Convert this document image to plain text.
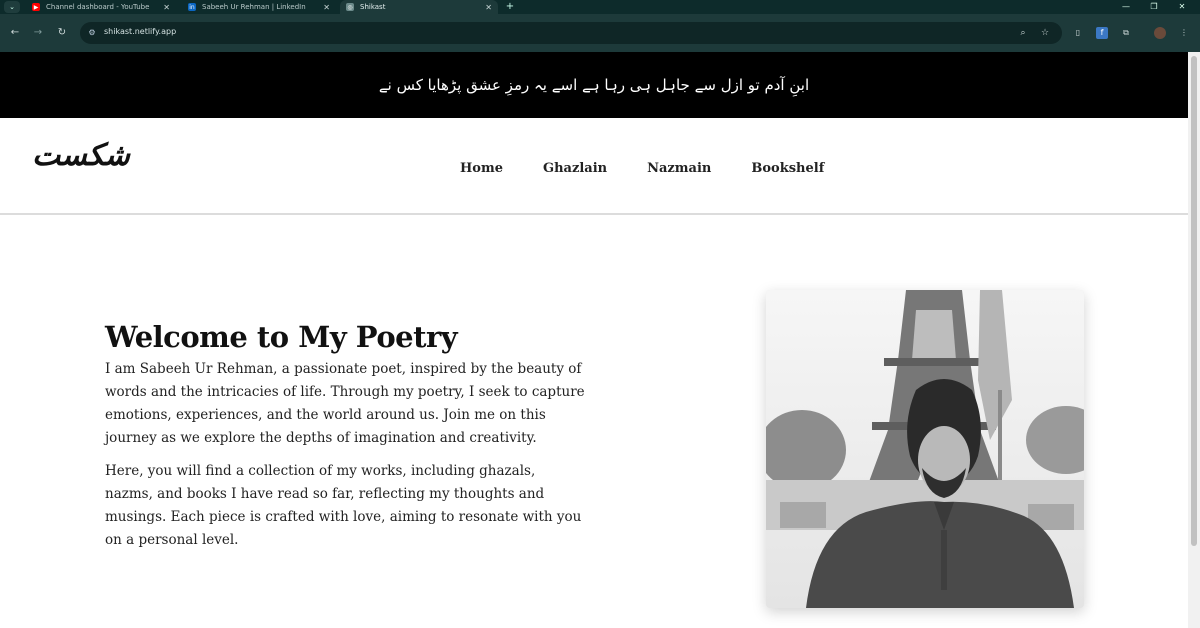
⌄	▶ Channel dashboard - YouTube	✕	in Sabeeh Ur Rehman | LinkedIn	✕	◎ Shikast	✕ +	—	❐	✕
← → ↻	⚙	shikast.netlify.app	⌕	☆	▯	f	⧉	⋮
ابنِ آدم تو ازل سے جاہل ہی رہا ہے اسے یہ رمزِ عشق پڑھایا کس نے
شکست	Home	Ghazlain	Nazmain	Bookshelf
Welcome to My Poetry

I am Sabeeh Ur Rehman, a passionate poet, inspired by the beauty of words and the intricacies of life. Through my poetry, I seek to capture emotions, experiences, and the world around us. Join me on this journey as we explore the depths of imagination and creativity.

Here, you will find a collection of my works, including ghazals, nazms, and books I have read so far, reflecting my thoughts and musings. Each piece is crafted with love, aiming to resonate with you on a personal level.
